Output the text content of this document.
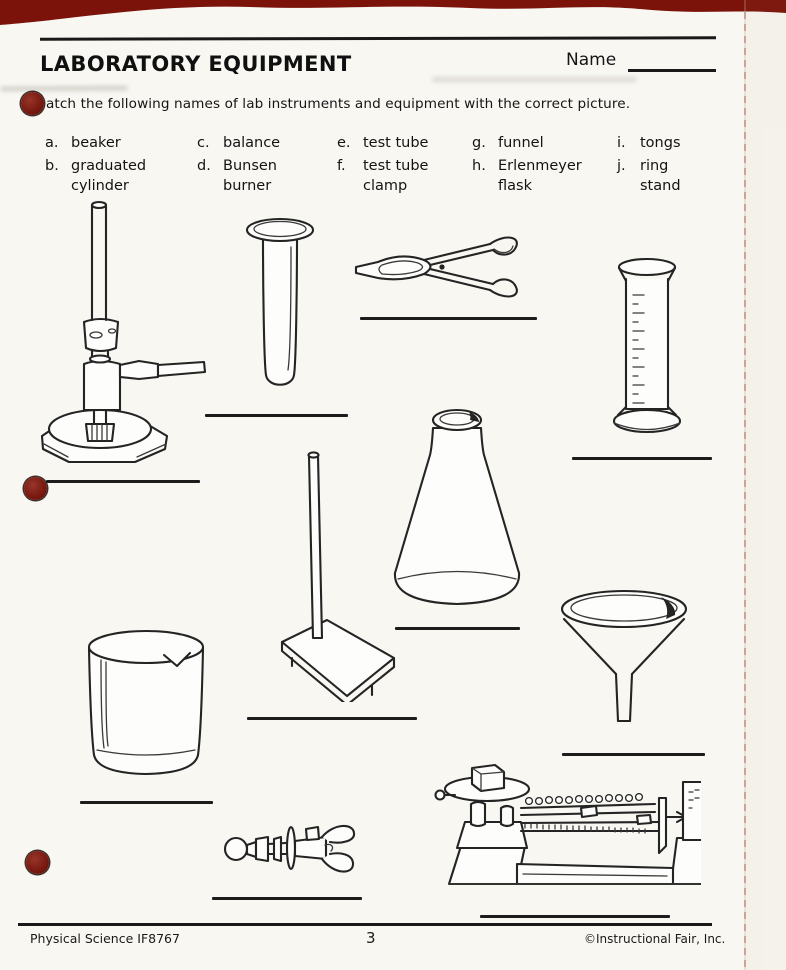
LABORATORY EQUIPMENT	Name
atch the following names of lab instruments and equipment with the correct picture.
a. beaker
b. graduated cylinder
c. balance
d. Bunsen burner
e. test tube
f.	test tube clamp
g. funnel
h. Erlenmeyer flask
i. tongs
j. ring stand
Physical Science IF8767	3	©Instructional Fair, Inc.
